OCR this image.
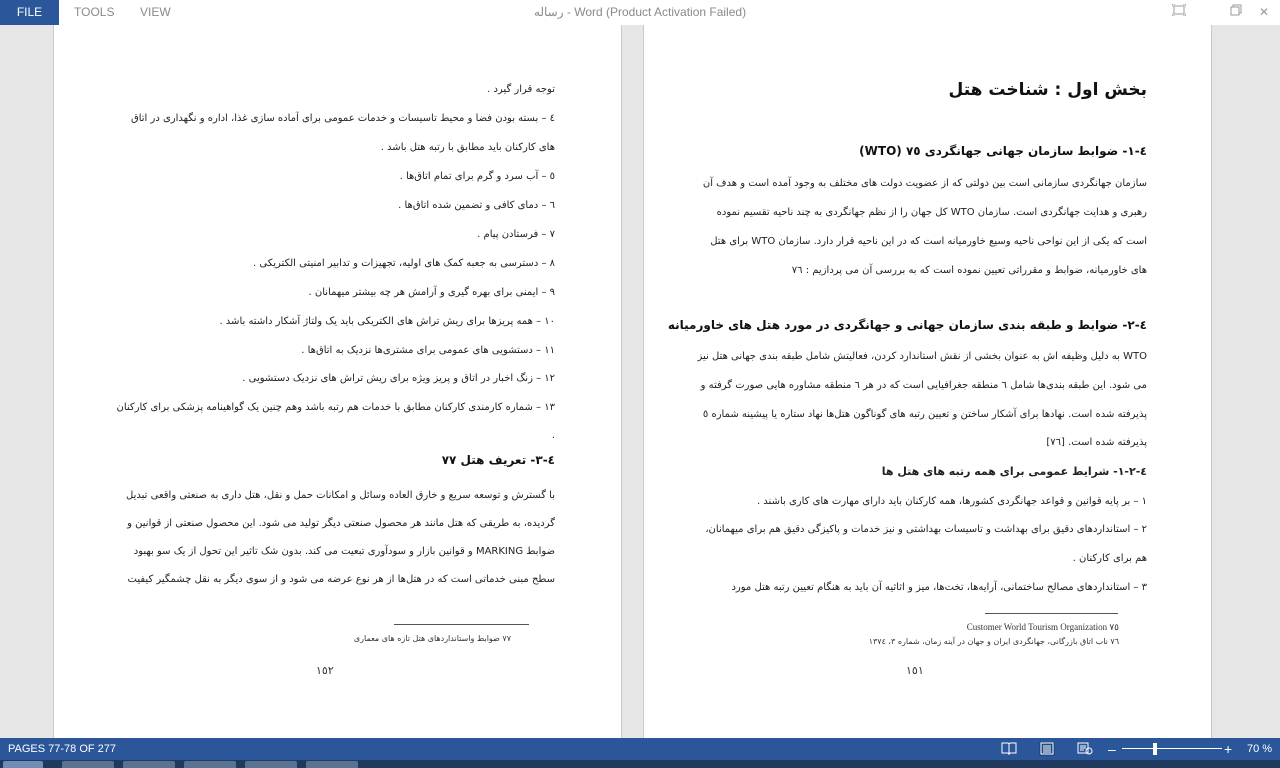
FILE	TOOLS VIEW	رساله - Word (Product Activation Failed)	✕
توجه قرار گیرد .
٤ – بسته بودن فضا و محیط تاسیسات و خدمات عمومی برای آماده سازی غذا، اداره و نگهداری در اتاق
های کارکنان باید مطابق با رتبه هتل باشد .
٥ – آب سرد و گرم برای تمام اتاق‌ها .
٦ – دمای کافی و تضمین شده اتاق‌ها .
٧ – فرستادن پیام .
٨ – دسترسی به جعبه کمک های اولیه، تجهیزات و تدابیر امنیتی الکتریکی .
٩ – ایمنی برای بهره گیری و آرامش هر چه بیشتر میهمانان .
١٠ – همه پریزها برای ریش تراش های الکتریکی باید یک ولتاژ آشکار داشته باشد .
١١ – دستشویی های عمومی برای مشتری‌ها نزدیک به اتاق‌ها .
١٢ – زنگ اخبار در اتاق و پریز ویژه برای ریش تراش های نزدیک دستشویی .
١٣ – شماره کارمندی کارکنان مطابق با خدمات هم رتبه باشد وهم چنین یک گواهینامه پزشکی برای کارکنان
.
٤-٣- تعریف هتل ٧٧
با گسترش و توسعه سریع و خارق العاده وسائل و امکانات حمل و نقل، هتل داری به صنعتی واقعی تبدیل
گردیده، به طریقی که هتل مانند هر محصول صنعتی دیگر تولید می شود. این محصول صنعتی از قوانین و
ضوابط MARKING و قوانین بازار و سودآوری تبعیت می کند. بدون شک تاثیر این تحول از یک سو بهبود
سطح مبنی خدماتی است که در هتل‌ها از هر نوع عرضه می شود و از سوی دیگر به نقل چشمگیر کیفیت
٧٧ ضوابط واستانداردهای هتل تازه های معماری
١٥٢
بخش اول : شناخت هتل
٤-١- ضوابط سازمان جهانی جهانگردی ٧٥ (WTO)
سازمان جهانگردی سازمانی است بین دولتی که از عضویت دولت های مختلف به وجود آمده است و هدف آن
رهبری و هدایت جهانگردی است. سازمان WTO کل جهان را از نظم جهانگردی به چند ناحیه تقسیم نموده
است که یکی از این نواحی ناحیه وسیع خاورمیانه است که در این ناحیه قرار دارد. سازمان WTO برای هتل
های خاورمیانه، ضوابط و مقرراتی تعیین نموده است که به بررسی آن می پردازیم : ٧٦
٤-٢- ضوابط و طبقه بندی سازمان جهانی و جهانگردی در مورد هتل های خاورمیانه
WTO به دلیل وظیفه اش به عنوان بخشی از نقش استاندارد کردن، فعالیتش شامل طبقه بندی جهانی هتل نیز
می شود. این طبقه بندی‌ها شامل ٦ منطقه جغرافیایی است که در هر ٦ منطقه مشاوره هایی صورت گرفته و
پذیرفته شده است. نهادها برای آشکار ساختن و تعیین رتبه های گوناگون هتل‌ها نهاد ستاره یا پیشینه شماره ٥
پذیرفته شده است. [٧٦]
٤-٢-١- شرایط عمومی برای همه رتبه های هتل ها
١ – بر پایه قوانین و قواعد جهانگردی کشورها، همه کارکنان باید دارای مهارت های کاری باشند .
٢ – استانداردهای دقیق برای بهداشت و تاسیسات بهداشتی و نیز خدمات و پاکیزگی دقیق هم برای میهمانان،
هم برای کارکنان .
٣ – استانداردهای مصالح ساختمانی، آرایه‌ها، تخت‌ها، میز و اثاثیه آن باید به هنگام تعیین رتبه هتل مورد
Customer World Tourism Organization ٧٥
٧٦ ناب اتاق بازرگانی، جهانگردی ایران و جهان در آینه زمان، شماره ٣، ١٣٧٤
١٥١
PAGES 77-78 OF 277	–	+ 70 %
